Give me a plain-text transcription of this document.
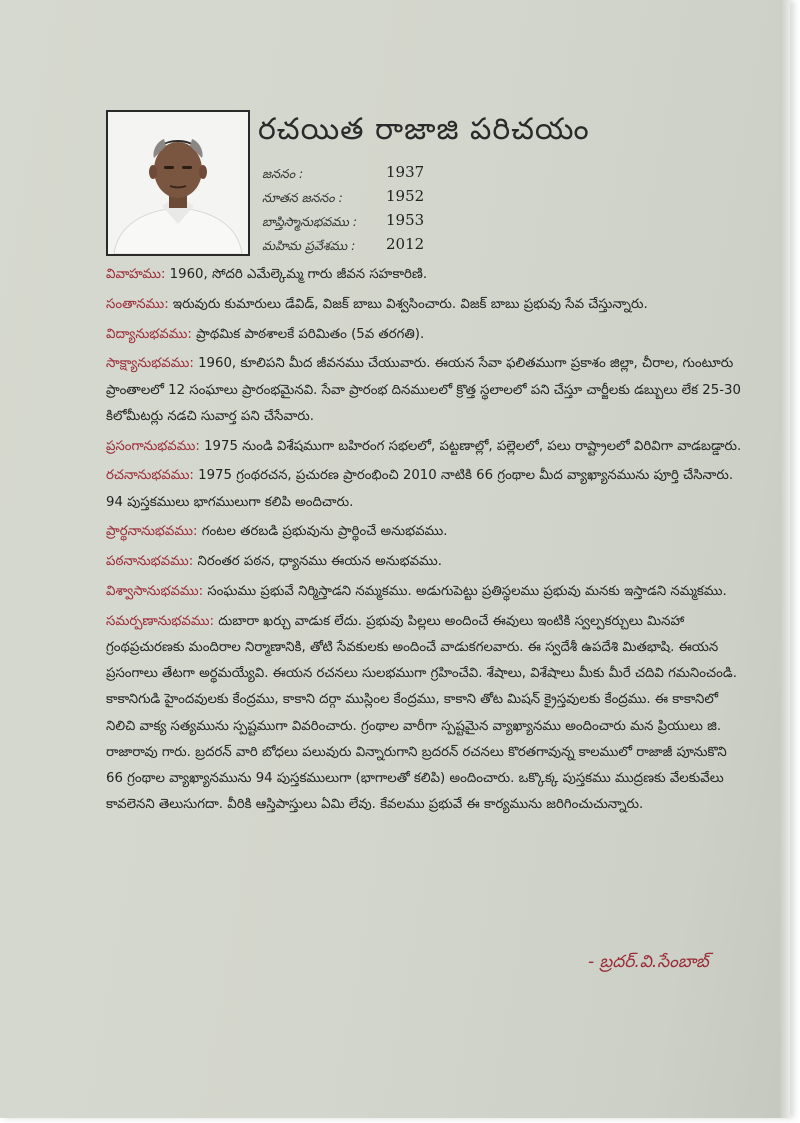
రచయిత రాజాజి పరిచయం
జననం :	1937
నూతన జననం :	1952
బాప్తిస్మానుభవము : 1953
మహిమ ప్రవేశము : 2012

వివాహము: 1960, సోదరి ఎమేల్కెమ్మ గారు జీవన సహకారిణి.

సంతానము: ఇరువురు కుమారులు డేవిడ్, విజక్ బాబు విశ్వసించారు. విజక్ బాబు ప్రభువు సేవ చేస్తున్నారు.

విద్యానుభవము: ప్రాథమిక పాఠశాలకే పరిమితం (5వ తరగతి).

సాక్ష్యానుభవము: 1960, కూలిపని మీద జీవనము చేయువారు. ఈయన సేవా ఫలితముగా ప్రకాశం జిల్లా, చీరాల, గుంటూరు ప్రాంతాలలో 12 సంఘాలు ప్రారంభమైనవి. సేవా ప్రారంభ దినములలో క్రొత్త స్థలాలలో పని చేస్తూ చార్జీలకు డబ్బులు లేక 25-30 కిలోమీటర్లు నడచి సువార్త పని చేసేవారు.

ప్రసంగానుభవము: 1975 నుండి విశేషముగా బహిరంగ సభలలో, పట్టణాల్లో, పల్లెలలో, పలు రాష్ట్రాలలో విరివిగా వాడబడ్డారు.

రచనానుభవము: 1975 గ్రంథరచన, ప్రచురణ ప్రారంభించి 2010 నాటికి 66 గ్రంథాల మీద వ్యాఖ్యానమును పూర్తి చేసినారు. 94 పుస్తకములు భాగములుగా కలిపి అందిచారు.

ప్రార్థనానుభవము: గంటల తరబడి ప్రభువును ప్రార్థించే అనుభవము.

పఠనానుభవము: నిరంతర పఠన, ధ్యానము ఈయన అనుభవము.

విశ్వాసానుభవము: సంఘము ప్రభువే నిర్మిస్తాడని నమ్మకము. అడుగుపెట్టు ప్రతిస్థలము ప్రభువు మనకు ఇస్తాడని నమ్మకము.

సమర్పణానుభవము: దుబారా ఖర్చు వాడుక లేదు. ప్రభువు పిల్లలు అందించే ఈవులు ఇంటికి స్వల్పకర్చులు మినహా గ్రంథప్రచురణకు మందిరాల నిర్మాణానికి, తోటి సేవకులకు అందించే వాడుకగలవారు. ఈ స్వదేశీ ఉపదేశి మితభాషి. ఈయన ప్రసంగాలు తేటగా అర్థమయ్యేవి. ఈయన రచనలు సులభముగా గ్రహించేవి. శేషాలు, విశేషాలు మీకు మీరే చదివి గమనించండి. కాకానిగుడి హైందవులకు కేంద్రము, కాకాని దర్గా ముస్లింల కేంద్రము, కాకాని తోట మిషన్ క్రైస్తవులకు కేంద్రము. ఈ కాకానిలో నిలిచి వాక్య సత్యమును స్పష్టముగా వివరించారు. గ్రంథాల వారీగా స్పష్టమైన వ్యాఖ్యానము అందించారు మన ప్రియులు జి. రాజారావు గారు. బ్రదరన్ వారి బోధలు పలువురు విన్నారుగాని బ్రదరన్ రచనలు కొరతగావున్న కాలములో రాజాజీ పూనుకొని 66 గ్రంథాల వ్యాఖ్యానమును 94 పుస్తకములుగా (భాగాలతో కలిపి) అందించారు. ఒక్కొక్క పుస్తకము ముద్రణకు వేలకువేలు కావలెనని తెలుసుగదా. వీరికి ఆస్తిపాస్తులు ఏమి లేవు. కేవలము ప్రభువే ఈ కార్యమును జరిగించుచున్నారు.

- బ్రదర్.వి.సేంబాబ్
